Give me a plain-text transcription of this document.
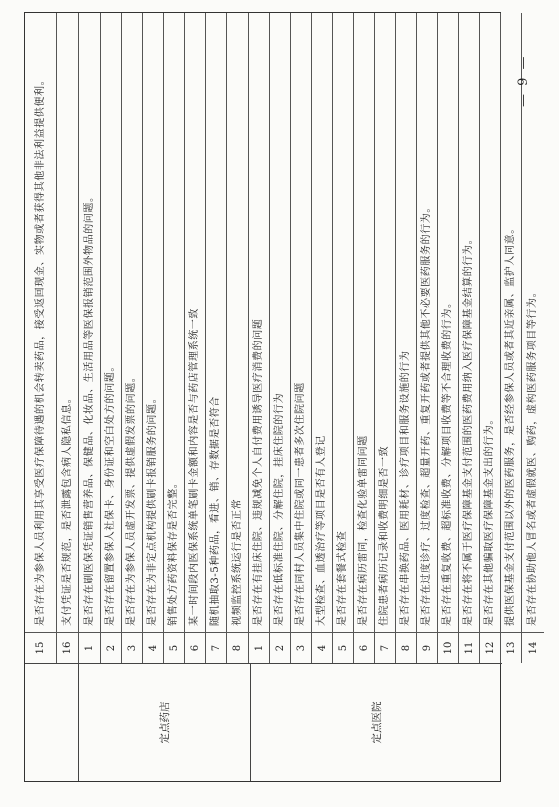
定点药店	定点医院
15
是否存在为参保人员利用其享受医疗保障待遇的机会转卖药品，接受返回现金、实物或者获得其他非法利益提供便利。
16
支付凭证是否规范，是否泄露包含病人隐私信息。
1
是否存在刷医保凭证销售营养品、保健品、化妆品、生活用品等医保报销范围外物品的问题。
2
是否存在留置参保人社保卡、身份证和空白处方的问题。
3
是否存在为参保人员虚开发票、提供虚假发票的问题。
4
是否存在为非定点机构提供刷卡报销服务的问题。
5
销售处方药资料保存是否完整。
6
某一时间段内医保系统单笔刷卡金额和内容是否与药店管理系统一致
7
随机抽取3-5种药品，看进、销、存数据是否符合
8
视频监控系统运行是否正常
1
是否存在有挂床住院、违规减免个人自付费用诱导医疗消费的问题
2
是否存在低标准住院、分解住院，挂床住院的行为
3
是否存在同村人员集中住院或同一患者多次住院问题
4
大型检查、血透治疗等项目是否有人登记
5
是否存在套餐式检查
6
是否存在病历雷同，检查化验单雷同问题
7
住院患者病历记录和收费明细是否一致
8
是否存在串换药品、医用耗材、诊疗项目和服务设施的行为
9
是否存在过度诊疗、过度检查、超量开药、重复开药或者提供其他不必要医药服务的行为。
10
是否存在重复收费、超标准收费、分解项目收费等不合理收费的行为。
11
是否存在将不属于医疗保障基金支付范围的医药费用纳入医疗保障基金结算的行为。
12
是否存在其他骗取医疗保障基金支出的行为。
13
提供医保基金支付范围以外的医药服务，是否经参保人员或者其近亲属、监护人同意。
14
是否存在协助他人冒名或者虚假就医、购药，虚构医药服务项目等行为。
— 9 —
